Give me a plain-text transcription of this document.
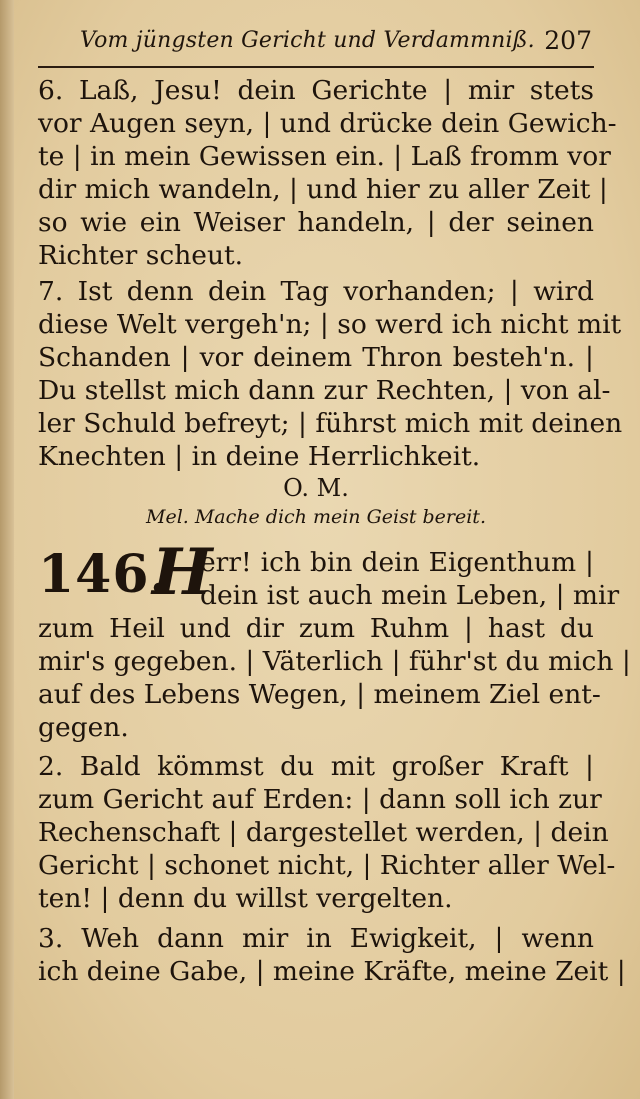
Vom jüngsten Gericht und Verdammniß. 207
6. Laß, Jesu! dein Gerichte | mir stets
vor Augen seyn, | und drücke dein Gewich-
te | in mein Gewissen ein. | Laß fromm vor
dir mich wandeln, | und hier zu aller Zeit |
so wie ein Weiser handeln, | der seinen
Richter scheut.
7. Ist denn dein Tag vorhanden; | wird
diese Welt vergeh'n; | so werd ich nicht mit
Schanden | vor deinem Thron besteh'n. |
Du stellst mich dann zur Rechten, | von al-
ler Schuld befreyt; | führst mich mit deinen
Knechten | in deine Herrlichkeit.
O. M.
Mel. Mache dich mein Geist bereit.
146.
H
err! ich bin dein Eigenthum |
dein ist auch mein Leben, | mir
zum Heil und dir zum Ruhm | hast du
mir's gegeben. | Väterlich | führ'st du mich |
auf des Lebens Wegen, | meinem Ziel ent-
gegen.
2. Bald kömmst du mit großer Kraft |
zum Gericht auf Erden: | dann soll ich zur
Rechenschaft | dargestellet werden, | dein
Gericht | schonet nicht, | Richter aller Wel-
ten! | denn du willst vergelten.
3. Weh dann mir in Ewigkeit, | wenn
ich deine Gabe, | meine Kräfte, meine Zeit |
